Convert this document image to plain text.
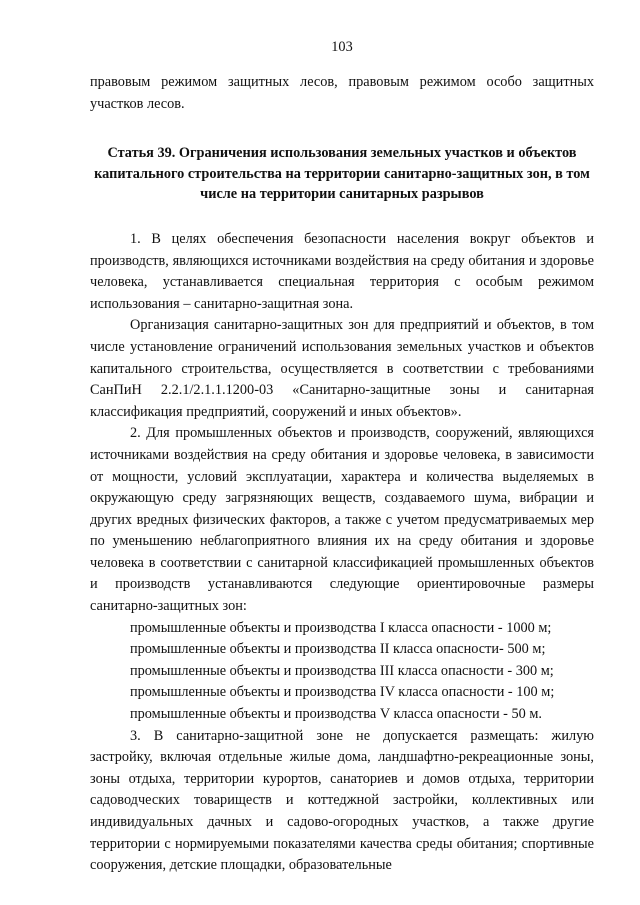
103

правовым режимом защитных лесов, правовым режимом особо защитных участков лесов.

Статья 39. Ограничения использования земельных участков и объектов капитального строительства на территории санитарно-защитных зон, в том числе на территории санитарных разрывов

1. В целях обеспечения безопасности населения вокруг объектов и производств, являющихся источниками воздействия на среду обитания и здоровье человека, устанавливается специальная территория с особым режимом использования – санитарно-защитная зона.

Организация санитарно-защитных зон для предприятий и объектов, в том числе установление ограничений использования земельных участков и объектов капитального строительства, осуществляется в соответствии с требованиями СанПиН 2.2.1/2.1.1.1200-03 «Санитарно-защитные зоны и санитарная классификация предприятий, сооружений и иных объектов».

2. Для промышленных объектов и производств, сооружений, являющихся источниками воздействия на среду обитания и здоровье человека, в зависимости от мощности, условий эксплуатации, характера и количества выделяемых в окружающую среду загрязняющих веществ, создаваемого шума, вибрации и других вредных физических факторов, а также с учетом предусматриваемых мер по уменьшению неблагоприятного влияния их на среду обитания и здоровье человека в соответствии с санитарной классификацией промышленных объектов и производств устанавливаются следующие ориентировочные размеры санитарно-защитных зон:

промышленные объекты и производства I класса опасности - 1000 м;

промышленные объекты и производства II класса опасности- 500 м;

промышленные объекты и производства III класса опасности - 300 м;

промышленные объекты и производства IV класса опасности - 100 м;

промышленные объекты и производства V класса опасности - 50 м.

3. В санитарно-защитной зоне не допускается размещать: жилую застройку, включая отдельные жилые дома, ландшафтно-рекреационные зоны, зоны отдыха, территории курортов, санаториев и домов отдыха, территории садоводческих товариществ и коттеджной застройки, коллективных или индивидуальных дачных и садово-огородных участков, а также другие территории с нормируемыми показателями качества среды обитания; спортивные сооружения, детские площадки, образовательные
